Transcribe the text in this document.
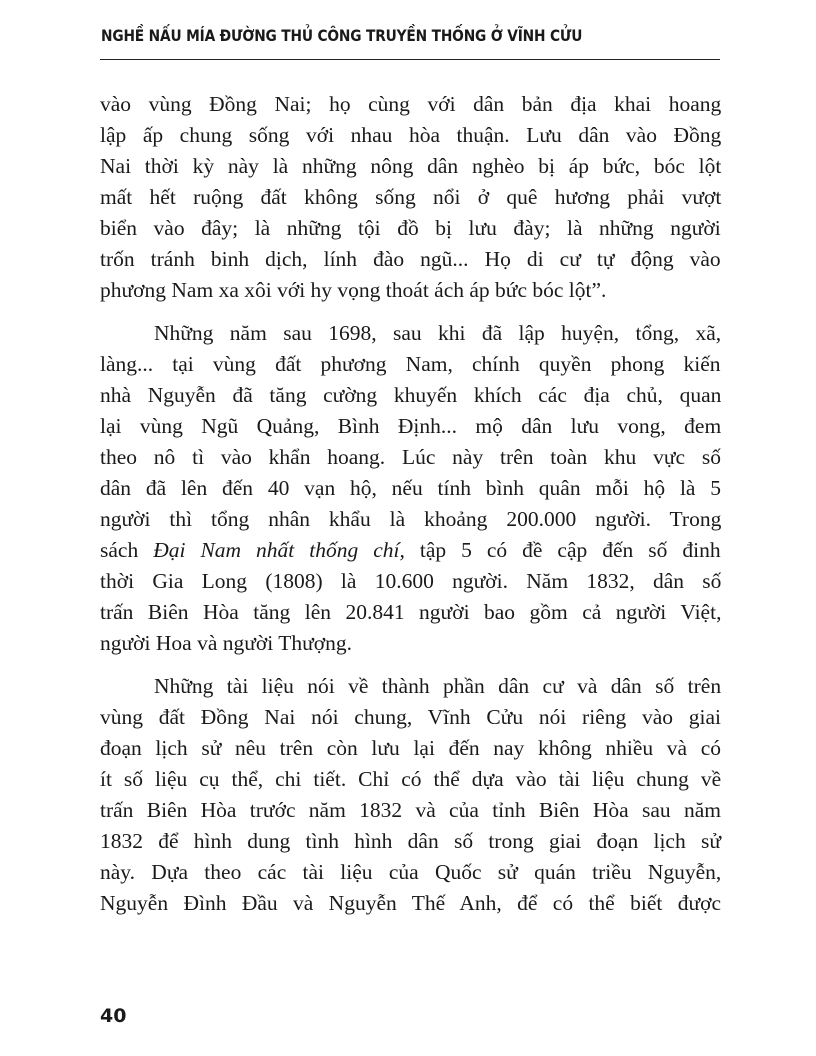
NGHỀ NẤU MÍA ĐƯỜNG THỦ CÔNG TRUYỀN THỐNG Ở VĨNH CỬU

vào vùng Đồng Nai; họ cùng với dân bản địa khai hoang
lập ấp chung sống với nhau hòa thuận. Lưu dân vào Đồng
Nai thời kỳ này là những nông dân nghèo bị áp bức, bóc lột
mất hết ruộng đất không sống nổi ở quê hương phải vượt
biển vào đây; là những tội đồ bị lưu đày; là những người
trốn tránh binh dịch, lính đào ngũ... Họ di cư tự động vào
phương Nam xa xôi với hy vọng thoát ách áp bức bóc lột”.

Những năm sau 1698, sau khi đã lập huyện, tổng, xã,
làng... tại vùng đất phương Nam, chính quyền phong kiến
nhà Nguyễn đã tăng cường khuyến khích các địa chủ, quan
lại vùng Ngũ Quảng, Bình Định... mộ dân lưu vong, đem
theo nô tì vào khẩn hoang. Lúc này trên toàn khu vực số
dân đã lên đến 40 vạn hộ, nếu tính bình quân mỗi hộ là 5
người thì tổng nhân khẩu là khoảng 200.000 người. Trong
sách Đại Nam nhất thống chí, tập 5 có đề cập đến số đinh
thời Gia Long (1808) là 10.600 người. Năm 1832, dân số
trấn Biên Hòa tăng lên 20.841 người bao gồm cả người Việt,
người Hoa và người Thượng.

Những tài liệu nói về thành phần dân cư và dân số trên
vùng đất Đồng Nai nói chung, Vĩnh Cửu nói riêng vào giai
đoạn lịch sử nêu trên còn lưu lại đến nay không nhiều và có
ít số liệu cụ thể, chi tiết. Chỉ có thể dựa vào tài liệu chung về
trấn Biên Hòa trước năm 1832 và của tỉnh Biên Hòa sau năm
1832 để hình dung tình hình dân số trong giai đoạn lịch sử
này. Dựa theo các tài liệu của Quốc sử quán triều Nguyễn,
Nguyễn Đình Đầu và Nguyễn Thế Anh, để có thể biết được

40
